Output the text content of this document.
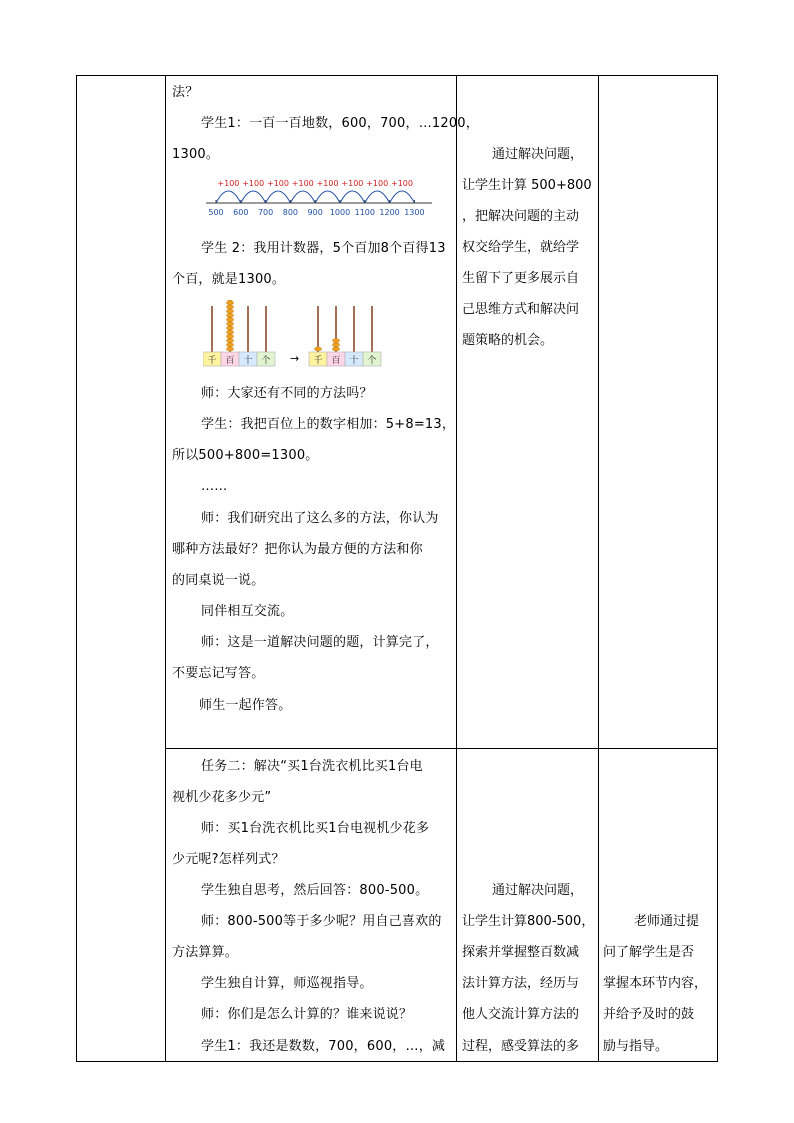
法？
学生1：一百一百地数，600，700，…1200，
1300。
500 600 700 800 900 1000 1100 1200 1300
+100 +100 +100 +100 +100 +100 +100 +100
学生 2：我用计数器，5个百加8个百得13
个百，就是1300。
千 百 十 个 → 千 百 十 个
师：大家还有不同的方法吗？
学生：我把百位上的数字相加：5+8=13，
所以500+800=1300。
……
师：我们研究出了这么多的方法，你认为
哪种方法最好？把你认为最方便的方法和你
的同桌说一说。
同伴相互交流。
师：这是一道解决问题的题，计算完了，
不要忘记写答。
师生一起作答。
任务二：解决“买1台洗衣机比买1台电
视机少花多少元”
师：买1台洗衣机比买1台电视机少花多
少元呢?怎样列式？
学生独自思考，然后回答：800-500。
师：800-500等于多少呢？用自己喜欢的
方法算算。
学生独自计算，师巡视指导。
师：你们是怎么计算的？谁来说说？
学生1：我还是数数，700，600，…，减
通过解决问题，
让学生计算 500+800
，把解决问题的主动
权交给学生，就给学
生留下了更多展示自
己思维方式和解决问
题策略的机会。
通过解决问题，
让学生计算800-500，
探索并掌握整百数减
法计算方法，经历与
他人交流计算方法的
过程，感受算法的多
老师通过提
问了解学生是否
掌握本环节内容，
并给予及时的鼓
励与指导。
